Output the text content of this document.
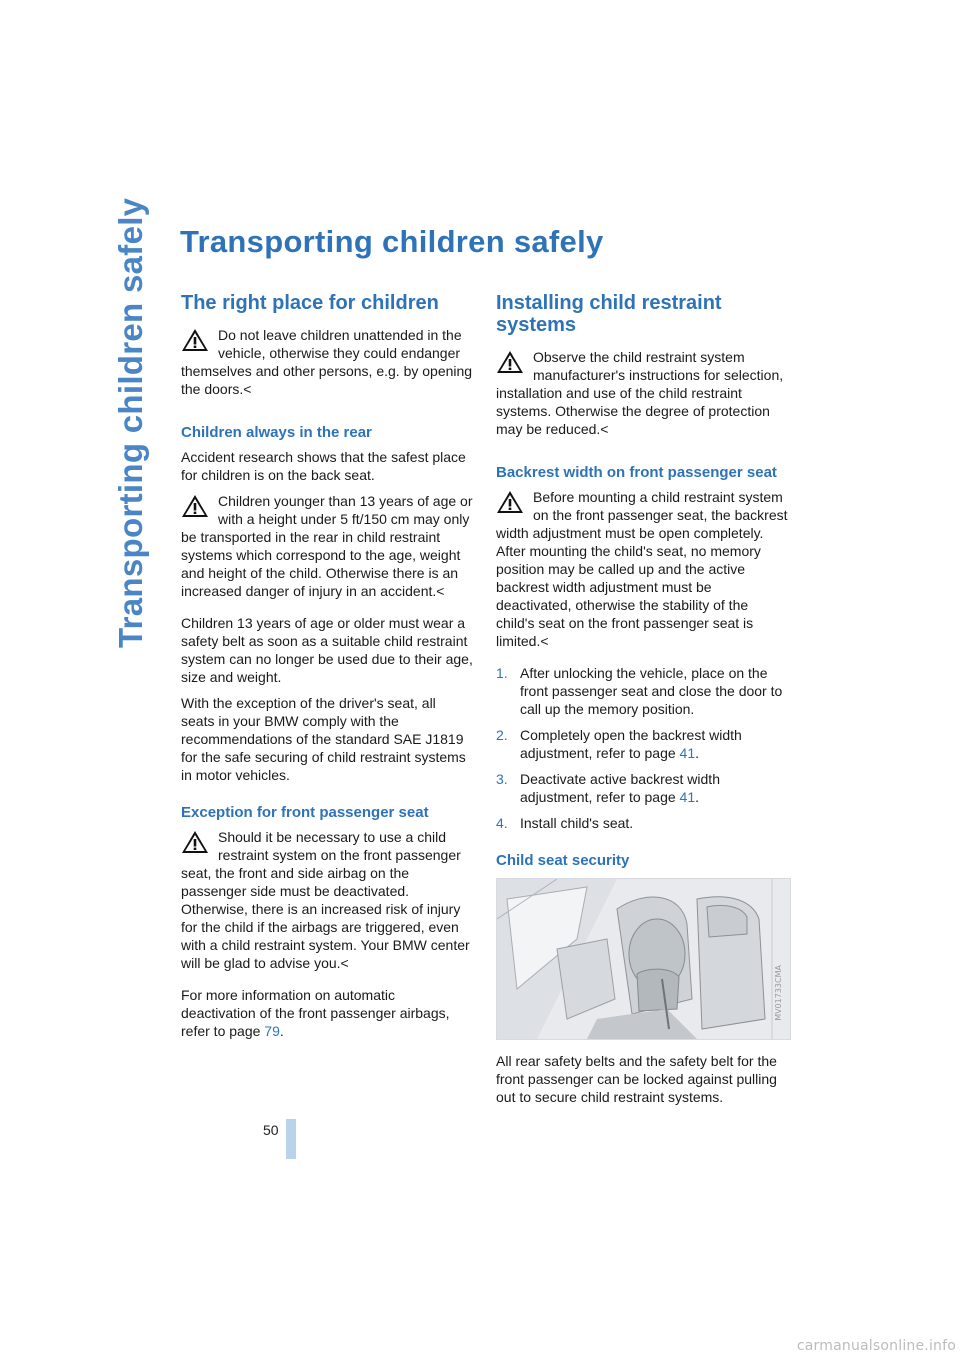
Transporting children safely Transporting children safely
The right place for children
Do not leave children unattended in the vehicle, otherwise they could endanger themselves and other persons, e.g. by opening the doors.<
Children always in the rear

Accident research shows that the safest place for children is on the back seat.

Children younger than 13 years of age or with a height under 5 ft/150 cm may only be transported in the rear in child restraint systems which correspond to the age, weight and height of the child. Otherwise there is an increased danger of injury in an accident.<

Children 13 years of age or older must wear a safety belt as soon as a suitable child restraint system can no longer be used due to their age, size and weight.

With the exception of the driver's seat, all seats in your BMW comply with the recommendations of the standard SAE J1819 for the safe securing of child restraint systems in motor vehicles.

Exception for front passenger seat
Should it be necessary to use a child restraint system on the front passenger seat, the front and side airbag on the passenger side must be deactivated. Otherwise, there is an increased risk of injury for the child if the airbags are triggered, even with a child restraint system. Your BMW center will be glad to advise you.<

For more information on automatic deactivation of the front passenger airbags, refer to page 79.

Installing child restraint systems
Observe the child restraint system manufacturer's instructions for selection, installation and use of the child restraint systems. Otherwise the degree of protection may be reduced.<
Backrest width on front passenger seat
Before mounting a child restraint system on the front passenger seat, the backrest width adjustment must be open completely. After mounting the child's seat, no memory position may be called up and the active backrest width adjustment must be deactivated, otherwise the stability of the child's seat on the front passenger seat is limited.<
1. After unlocking the vehicle, place on the front passenger seat and close the door to call up the memory position.
2. Completely open the backrest width adjustment, refer to page 41.
3. Deactivate active backrest width adjustment, refer to page 41.
4. Install child's seat.
Child seat security
MV01733CMA

All rear safety belts and the safety belt for the front passenger can be locked against pulling out to secure child restraint systems.

50
carmanualsonline.info
